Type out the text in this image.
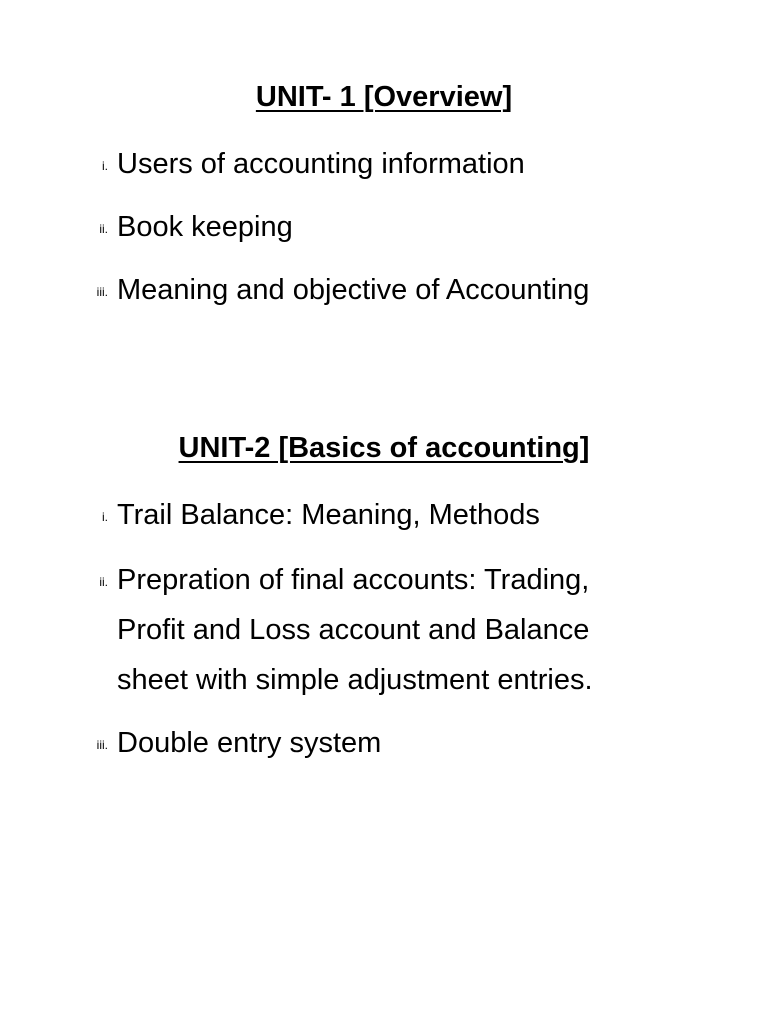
UNIT- 1 [Overview]
i. Users of accounting information
ii. Book keeping
iii. Meaning and objective of Accounting
UNIT-2 [Basics of accounting]
i. Trail Balance: Meaning, Methods
ii. Prepration of final accounts: Trading,
Profit and Loss account and Balance
sheet with simple adjustment entries.
iii. Double entry system
